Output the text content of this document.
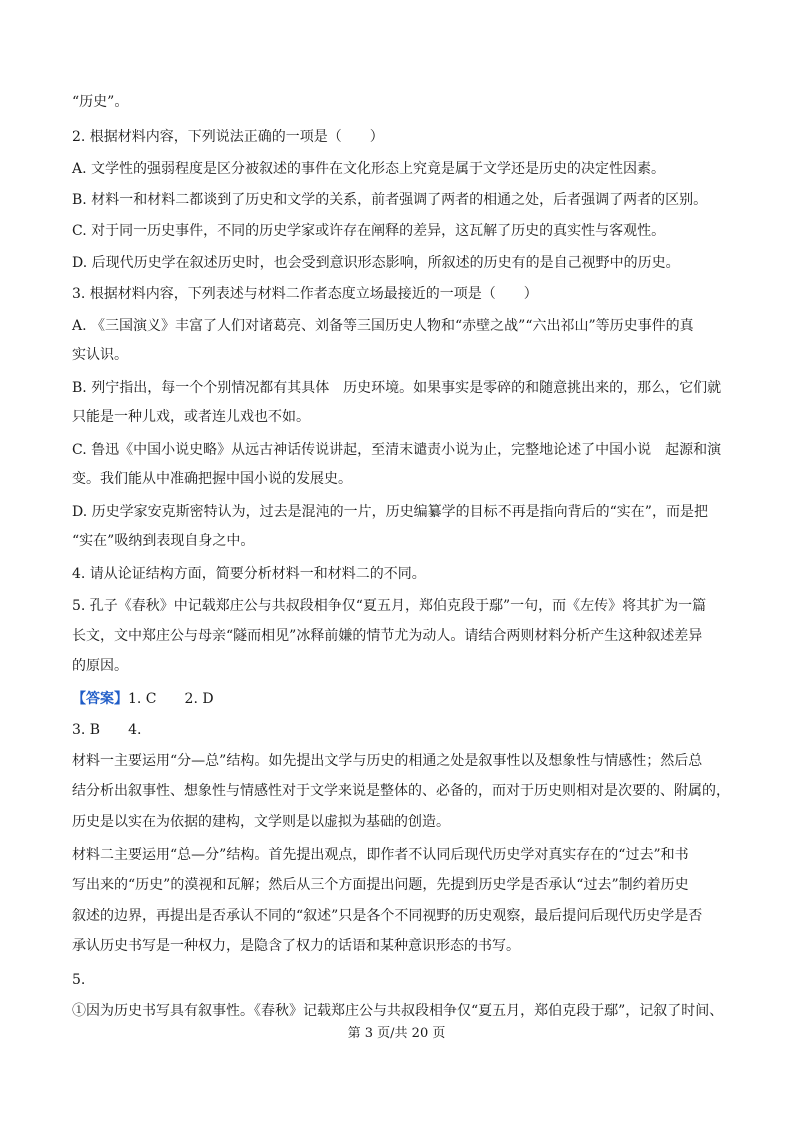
“历史”。
2. 根据材料内容，下列说法正确的一项是（　　）
A. 文学性的强弱程度是区分被叙述的事件在文化形态上究竟是属于文学还是历史的决定性因素。
B. 材料一和材料二都谈到了历史和文学的关系，前者强调了两者的相通之处，后者强调了两者的区别。
C. 对于同一历史事件，不同的历史学家或许存在阐释的差异，这瓦解了历史的真实性与客观性。
D. 后现代历史学在叙述历史时，也会受到意识形态影响，所叙述的历史有的是自己视野中的历史。
3. 根据材料内容，下列表述与材料二作者态度立场最接近的一项是（　　）
A. 《三国演义》丰富了人们对诸葛亮、刘备等三国历史人物和“赤壁之战”“六出祁山”等历史事件的真
实认识。
B. 列宁指出，每一个个别情况都有其具体　历史环境。如果事实是零碎的和随意挑出来的，那么，它们就
只能是一种儿戏，或者连儿戏也不如。
C. 鲁迅《中国小说史略》从远古神话传说讲起，至清末谴责小说为止，完整地论述了中国小说　起源和演
变。我们能从中准确把握中国小说的发展史。
D. 历史学家安克斯密特认为，过去是混沌的一片，历史编纂学的目标不再是指向背后的“实在”，而是把
“实在”吸纳到表现自身之中。
4. 请从论证结构方面，简要分析材料一和材料二的不同。
5. 孔子《春秋》中记载郑庄公与共叔段相争仅“夏五月，郑伯克段于鄢”一句，而《左传》将其扩为一篇
长文，文中郑庄公与母亲“隧而相见”冰释前嫌的情节尤为动人。请结合两则材料分析产生这种叙述差异
的原因。
【答案】1. C 2. D
3. B 4.
材料一主要运用“分—总”结构。如先提出文学与历史的相通之处是叙事性以及想象性与情感性；然后总
结分析出叙事性、想象性与情感性对于文学来说是整体的、必备的，而对于历史则相对是次要的、附属的，
历史是以实在为依据的建构，文学则是以虚拟为基础的创造。
材料二主要运用“总—分”结构。首先提出观点，即作者不认同后现代历史学对真实存在的“过去”和书
写出来的“历史”的漠视和瓦解；然后从三个方面提出问题，先提到历史学是否承认“过去”制约着历史
叙述的边界，再提出是否承认不同的“叙述”只是各个不同视野的历史观察，最后提问后现代历史学是否
承认历史书写是一种权力，是隐含了权力的话语和某种意识形态的书写。
5.
①因为历史书写具有叙事性。《春秋》记载郑庄公与共叔段相争仅“夏五月，郑伯克段于鄢”，记叙了时间、
第 3 页/共 20 页
